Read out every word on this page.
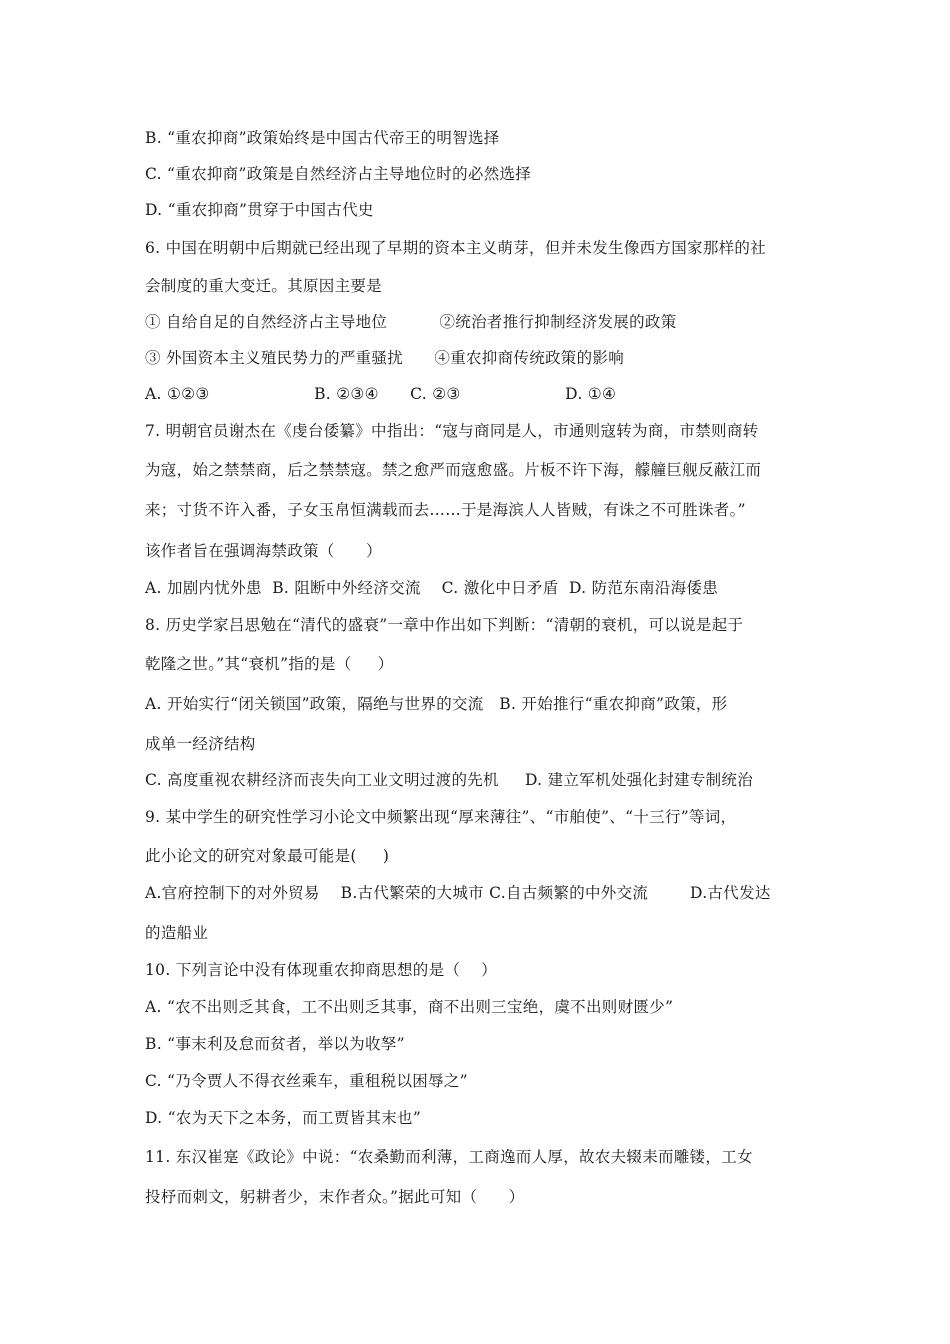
B. “重农抑商”政策始终是中国古代帝王的明智选择
C. “重农抑商”政策是自然经济占主导地位时的必然选择
D. “重农抑商”贯穿于中国古代史
6. 中国在明朝中后期就已经出现了早期的资本主义萌芽，但并未发生像西方国家那样的社
会制度的重大变迁。其原因主要是
① 自给自足的自然经济占主导地位          ②统治者推行抑制经济发展的政策
③ 外国资本主义殖民势力的严重骚扰      ④重农抑商传统政策的影响
A. ①②③                    B. ②③④      C. ②③                    D. ①④
7. 明朝官员谢杰在《虔台倭纂》中指出：“寇与商同是人，市通则寇转为商，市禁则商转
为寇，始之禁禁商，后之禁禁寇。禁之愈严而寇愈盛。片板不许下海，艨艟巨舰反蔽江而
来；寸货不许入番，子女玉帛恒满载而去……于是海滨人人皆贼，有诛之不可胜诛者。”
该作者旨在强调海禁政策（      ）
A. 加剧内忧外患  B. 阻断中外经济交流    C. 激化中日矛盾  D. 防范东南沿海倭患
8. 历史学家吕思勉在“清代的盛衰”一章中作出如下判断：“清朝的衰机，可以说是起于
乾隆之世。”其“衰机”指的是（     ）
A. 开始实行“闭关锁国”政策，隔绝与世界的交流   B. 开始推行“重农抑商”政策，形
成单一经济结构
C. 高度重视农耕经济而丧失向工业文明过渡的先机     D. 建立军机处强化封建专制统治
9. 某中学生的研究性学习小论文中频繁出现“厚来薄往”、“市舶使”、“十三行”等词，
此小论文的研究对象最可能是(     )
A.官府控制下的对外贸易    B.古代繁荣的大城市 C.自古频繁的中外交流        D.古代发达
的造船业
10. 下列言论中没有体现重农抑商思想的是（    ）
A. “农不出则乏其食，工不出则乏其事，商不出则三宝绝，虞不出则财匮少”
B. “事末利及怠而贫者，举以为收孥”
C. “乃令贾人不得衣丝乘车，重租税以困辱之”
D. “农为天下之本务，而工贾皆其末也”
11. 东汉崔寔《政论》中说：“农桑勤而利薄，工商逸而人厚，故农夫辍耒而雕镂，工女
投杼而刺文，躬耕者少，末作者众。”据此可知（      ）
